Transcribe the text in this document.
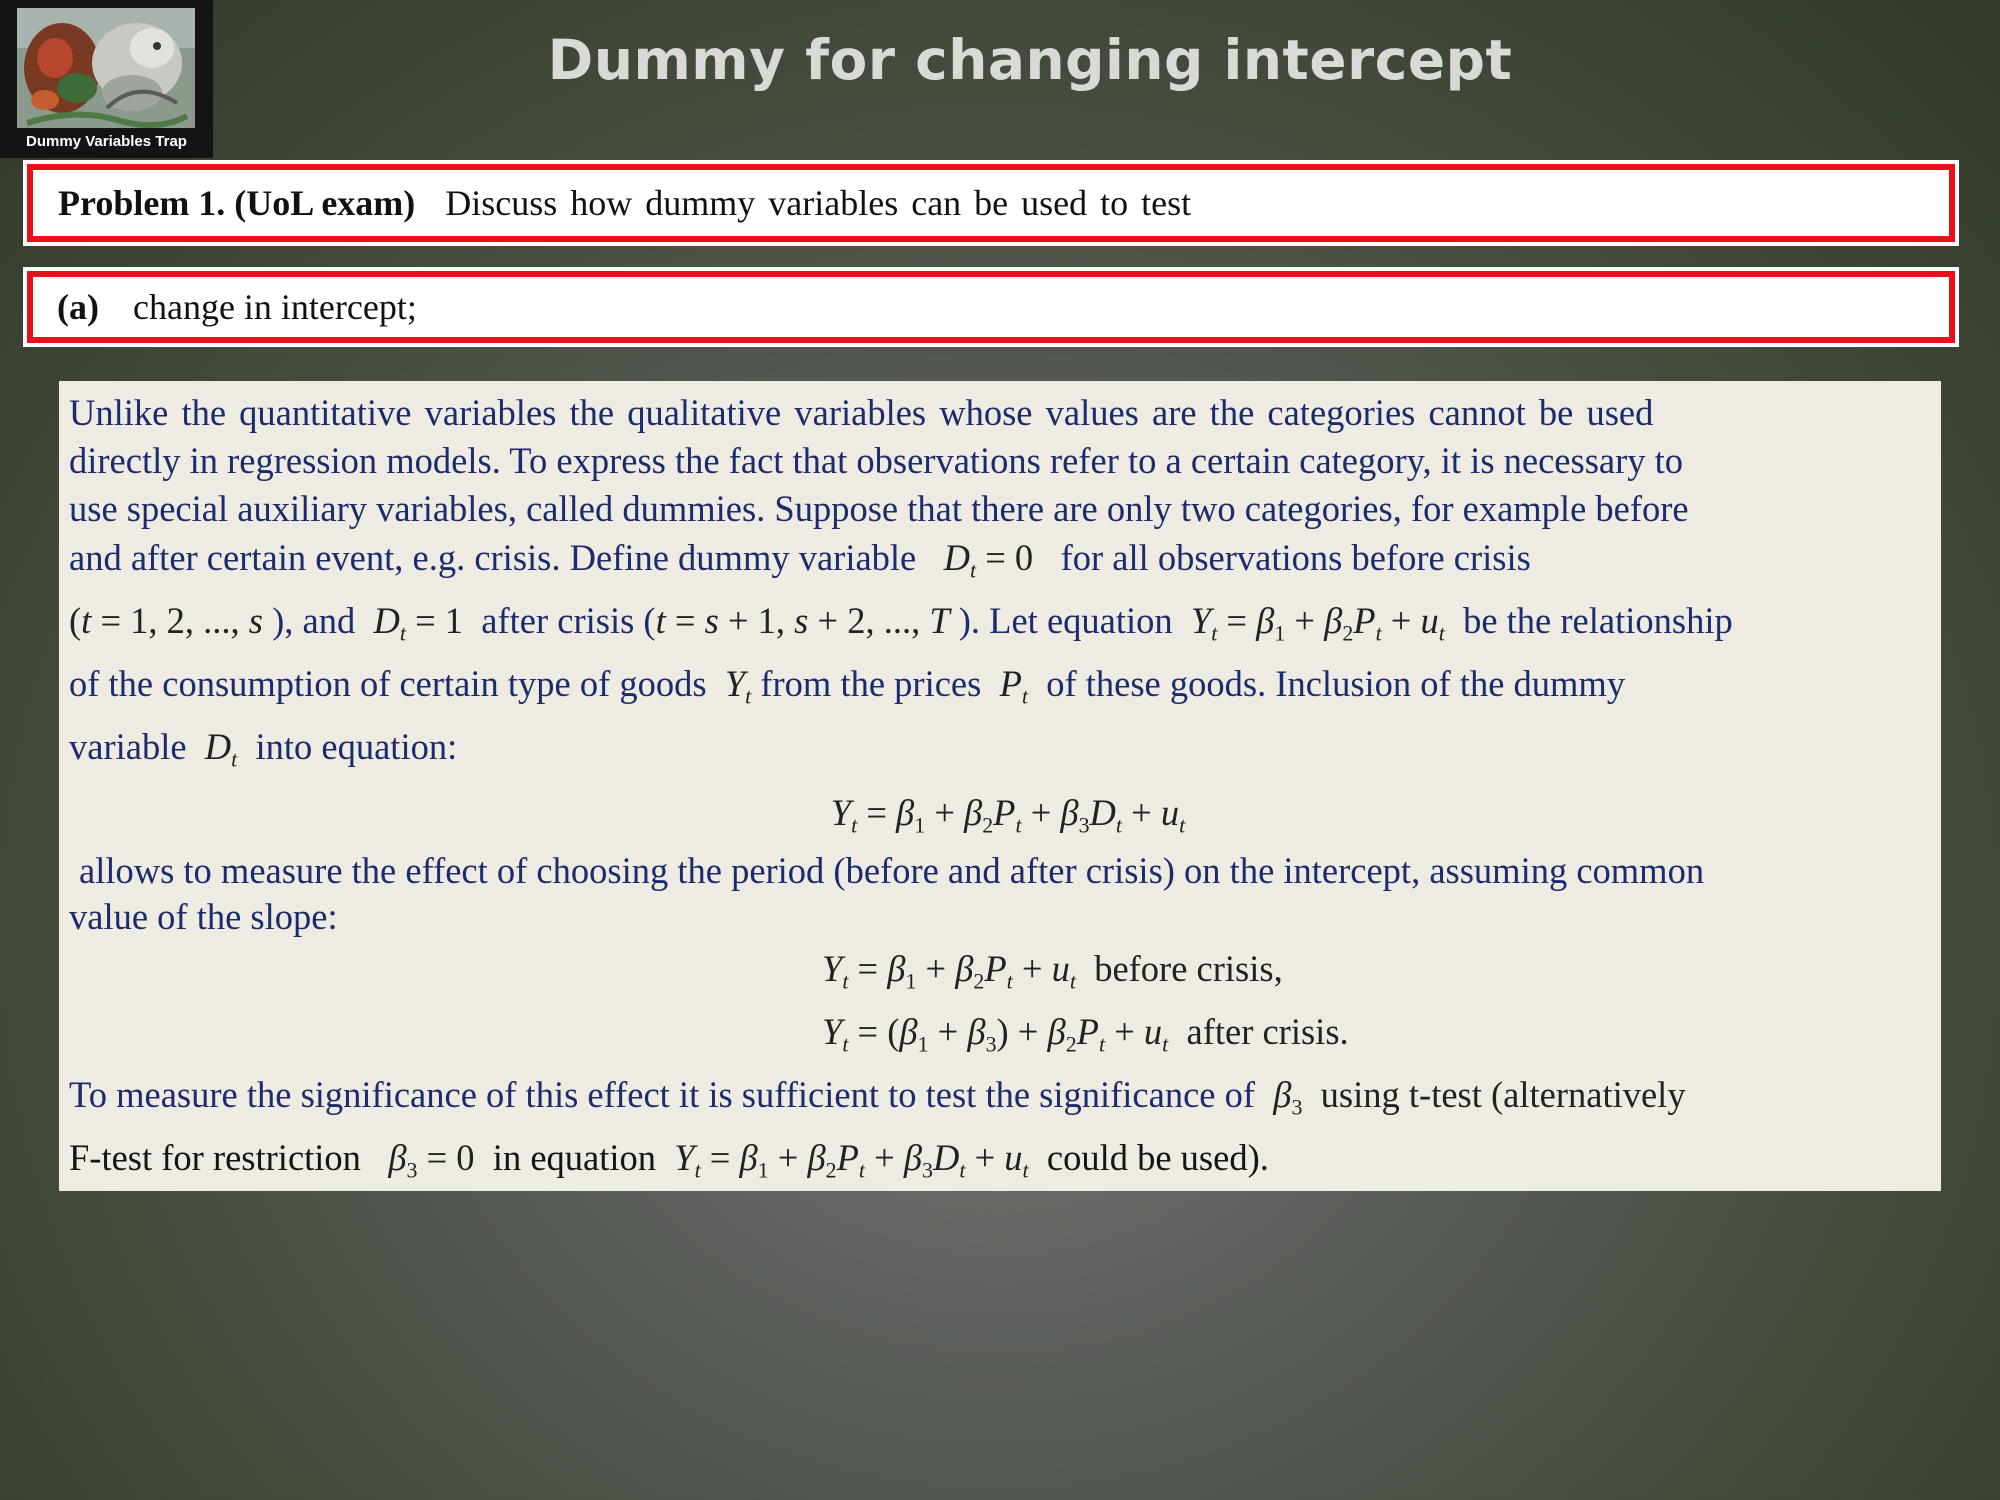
Dummy Variables Trap
Dummy for changing intercept
Problem 1. (UoL exam) Discuss how dummy variables can be used to test
(a) change in intercept;
Unlike the quantitative variables the qualitative variables whose values are the categories cannot be used
directly in regression models. To express the fact that observations refer to a certain category, it is necessary to
use special auxiliary variables, called dummies. Suppose that there are only two categories, for example before
and after certain event, e.g. crisis. Define dummy variable $D_t = 0$   for all observations before crisis
(t = 1, 2, ..., s ), and $D_t = 1$  after crisis (t = s + 1, s + 2, ..., T ). Let equation $Y_t = \beta_1 + \beta_2P_t + u_t$ be the relationship
of the consumption of certain type of goods $Y_t$ from the prices $P_t$ of these goods. Inclusion of the dummy
variable $D_t$ into equation:
$Y_t = \beta_1 + \beta_2P_t + \beta_3D_t + u_t$
allows to measure the effect of choosing the period (before and after crisis) on the intercept, assuming common
value of the slope:
$Y_t = \beta_1 + \beta_2P_t + u_t$ before crisis,
$Y_t = (\beta_1 + \beta_3) + \beta_2P_t + u_t$ after crisis.
To measure the significance of this effect it is sufficient to test the significance of $\beta_3$ using t-test (alternatively
F-test for restriction $\beta_3 = 0$  in equation $Y_t = \beta_1 + \beta_2P_t + \beta_3D_t + u_t$ could be used).
